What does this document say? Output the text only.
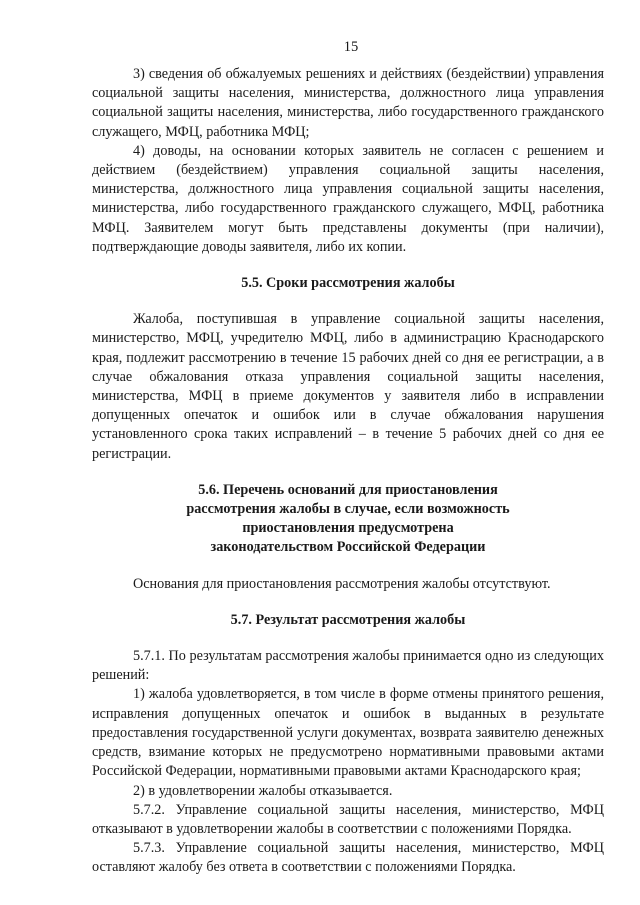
15

3) сведения об обжалуемых решениях и действиях (бездействии) управления социальной защиты населения, министерства, должностного лица управления социальной защиты населения, министерства, либо государственного гражданского служащего, МФЦ, работника МФЦ;

4) доводы, на основании которых заявитель не согласен с решением и действием (бездействием) управления социальной защиты населения, министерства, должностного лица управления социальной защиты населения, министерства, либо государственного гражданского служащего, МФЦ, работника МФЦ. Заявителем могут быть представлены документы (при наличии), подтверждающие доводы заявителя, либо их копии.

5.5. Сроки рассмотрения жалобы

Жалоба, поступившая в управление социальной защиты населения, министерство, МФЦ, учредителю МФЦ, либо в администрацию Краснодарского края, подлежит рассмотрению в течение 15 рабочих дней со дня ее регистрации, а в случае обжалования отказа управления социальной защиты населения, министерства, МФЦ в приеме документов у заявителя либо в исправлении допущенных опечаток и ошибок или в случае обжалования нарушения установленного срока таких исправлений – в течение 5 рабочих дней со дня ее регистрации.

5.6. Перечень оснований для приостановления
рассмотрения жалобы в случае, если возможность
приостановления предусмотрена
законодательством Российской Федерации

Основания для приостановления рассмотрения жалобы отсутствуют.

5.7. Результат рассмотрения жалобы

5.7.1. По результатам рассмотрения жалобы принимается одно из следующих решений:

1) жалоба удовлетворяется, в том числе в форме отмены принятого решения, исправления допущенных опечаток и ошибок в выданных в результате предоставления государственной услуги документах, возврата заявителю денежных средств, взимание которых не предусмотрено нормативными правовыми актами Российской Федерации, нормативными правовыми актами Краснодарского края;

2) в удовлетворении жалобы отказывается.

5.7.2. Управление социальной защиты населения, министерство, МФЦ отказывают в удовлетворении жалобы в соответствии с положениями Порядка.

5.7.3. Управление социальной защиты населения, министерство, МФЦ оставляют жалобу без ответа в соответствии с положениями Порядка.
